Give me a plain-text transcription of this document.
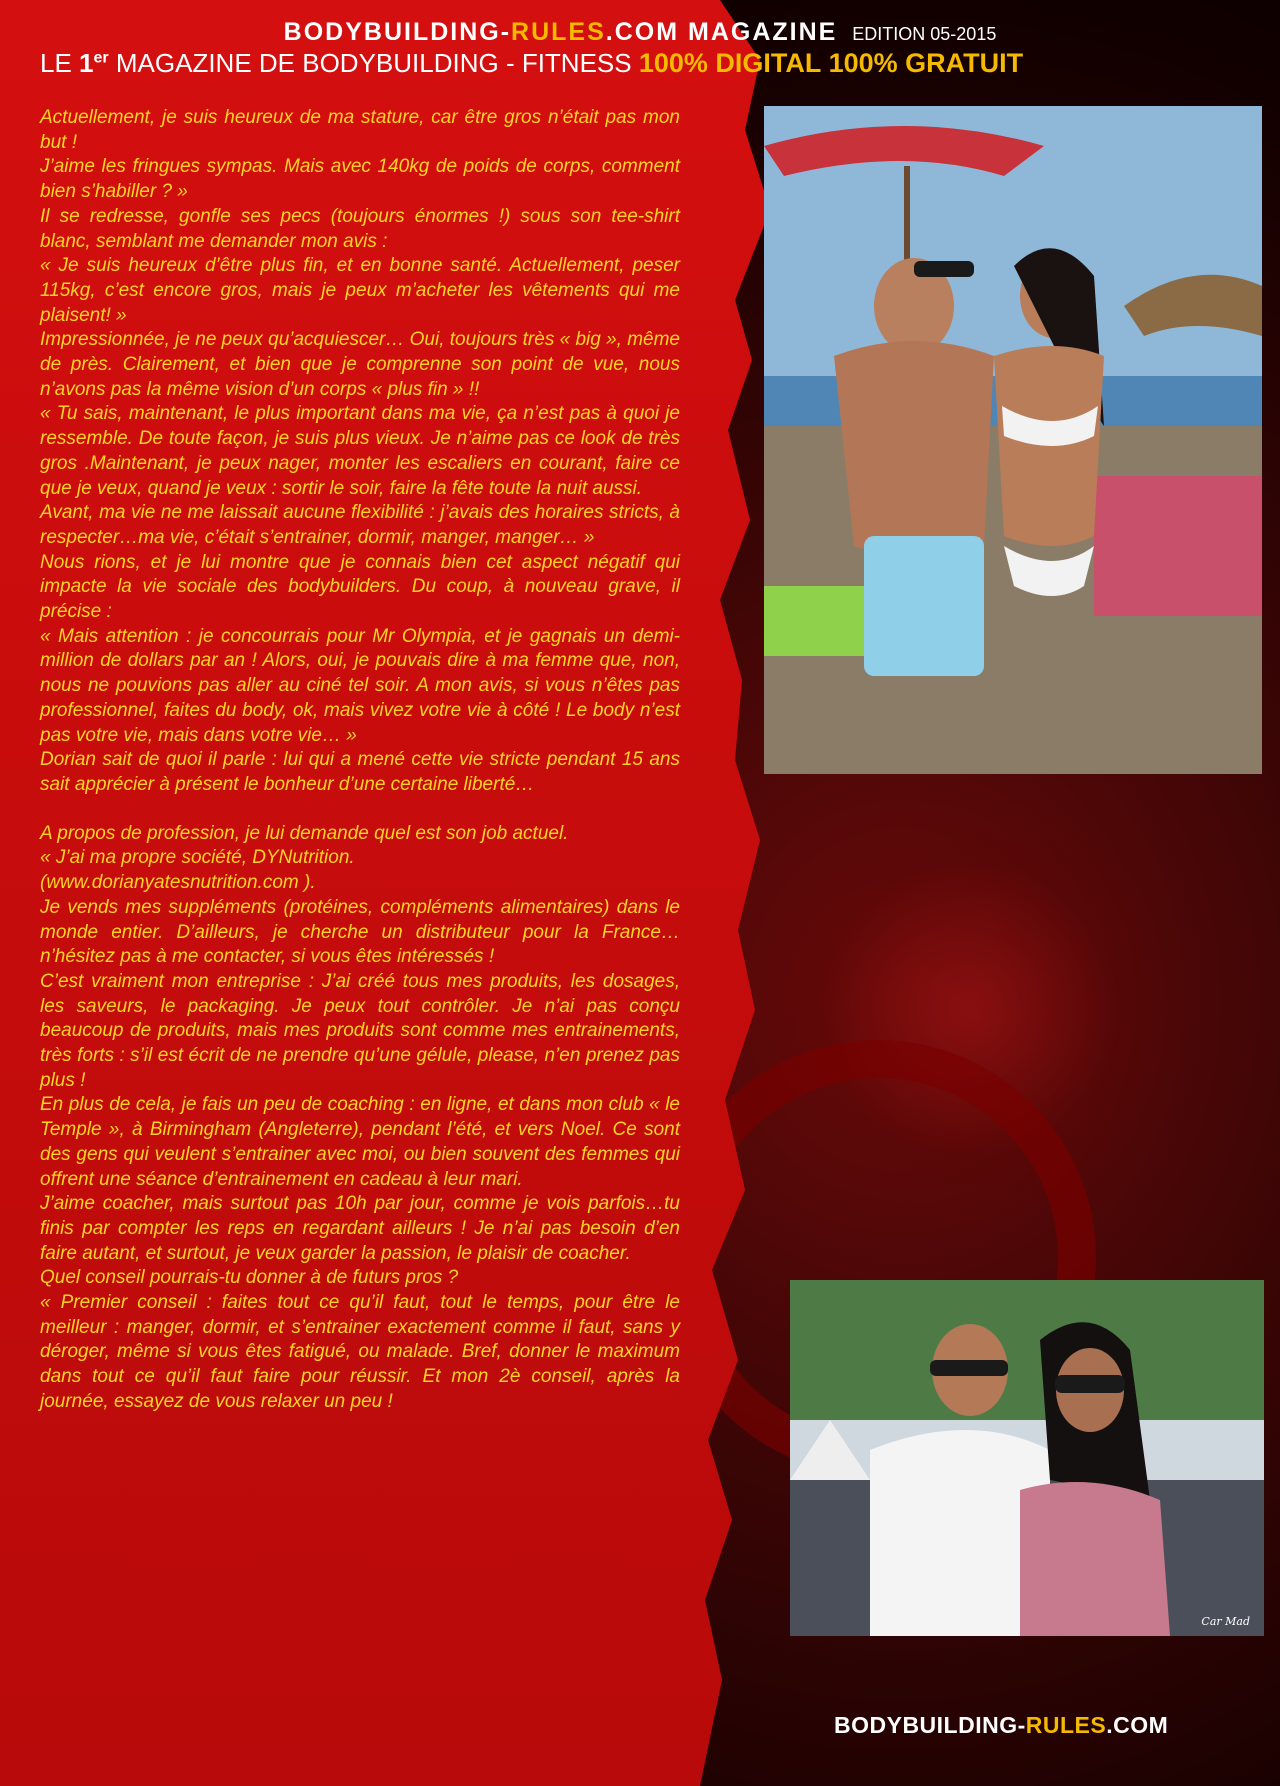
BODYBUILDING-RULES.COM MAGAZINE EDITION 05-2015
LE 1er MAGAZINE DE BODYBUILDING - FITNESS 100% DIGITAL 100% GRATUIT

Actuellement, je suis heureux de ma stature, car être gros n’était pas mon but !

J’aime les fringues sympas. Mais avec 140kg de poids de corps, comment bien s’habiller ? »

Il se redresse, gonfle ses pecs (toujours énormes !) sous son tee-shirt blanc, semblant me demander mon avis :

« Je suis heureux d’être plus fin, et en bonne santé. Actuellement, peser 115kg, c’est encore gros, mais je peux m’acheter les vêtements qui me plaisent! »

Impressionnée, je ne peux qu’acquiescer… Oui, toujours très « big », même de près. Clairement, et bien que je comprenne son point de vue, nous n’avons pas la même vision d’un corps « plus fin » !!

« Tu sais, maintenant, le plus important dans ma vie, ça n’est pas à quoi je ressemble. De toute façon, je suis plus vieux. Je n’aime pas ce look de très gros .Maintenant, je peux nager, monter les escaliers en courant, faire ce que je veux, quand je veux : sortir le soir, faire la fête toute la nuit aussi.

Avant, ma vie ne me laissait aucune flexibilité : j’avais des horaires stricts, à respecter…ma vie, c’était s’entrainer, dormir, manger, manger… »

Nous rions, et je lui montre que je connais bien cet aspect négatif qui impacte la vie sociale des bodybuilders. Du coup, à nouveau grave, il précise :

« Mais attention : je concourrais pour Mr Olympia, et je gagnais un demi-million de dollars par an ! Alors, oui, je pouvais dire à ma femme que, non, nous ne pouvions pas aller au ciné tel soir. A mon avis, si vous n’êtes pas professionnel, faites du body, ok, mais vivez votre vie à côté ! Le body n’est pas votre vie, mais dans votre vie… »

Dorian sait de quoi il parle : lui qui a mené cette vie stricte pendant 15 ans sait apprécier à présent le bonheur d’une certaine liberté…

A propos de profession, je lui demande quel est son job actuel.

« J’ai ma propre société, DYNutrition.

(www.dorianyatesnutrition.com ).

Je vends mes suppléments (protéines, compléments alimentaires) dans le monde entier. D’ailleurs, je cherche un distributeur pour la France…n’hésitez pas à me contacter, si vous êtes intéressés !

C’est vraiment mon entreprise : J’ai créé tous mes produits, les dosages, les saveurs, le packaging. Je peux tout contrôler. Je n’ai pas conçu beaucoup de produits, mais mes produits sont comme mes entrainements, très forts : s’il est écrit de ne prendre qu’une gélule, please, n’en prenez pas plus !

En plus de cela, je fais un peu de coaching : en ligne, et dans mon club « le Temple », à Birmingham (Angleterre), pendant l’été, et vers Noel. Ce sont des gens qui veulent s’entrainer avec moi, ou bien souvent des femmes qui offrent une séance d’entrainement en cadeau à leur mari.

J’aime coacher, mais surtout pas 10h par jour, comme je vois parfois…tu finis par compter les reps en regardant ailleurs ! Je n’ai pas besoin d’en faire autant, et surtout, je veux garder la passion, le plaisir de coacher.

Quel conseil pourrais-tu donner à de futurs pros ?

« Premier conseil : faites tout ce qu’il faut, tout le temps, pour être le meilleur : manger, dormir, et s’entrainer exactement comme il faut, sans y déroger, même si vous êtes fatigué, ou malade. Bref, donner le maximum dans tout ce qu’il faut faire pour réussir. Et mon 2è conseil, après la journée, essayez de vous relaxer un peu !

Car Mad
BODYBUILDING-RULES.COM
